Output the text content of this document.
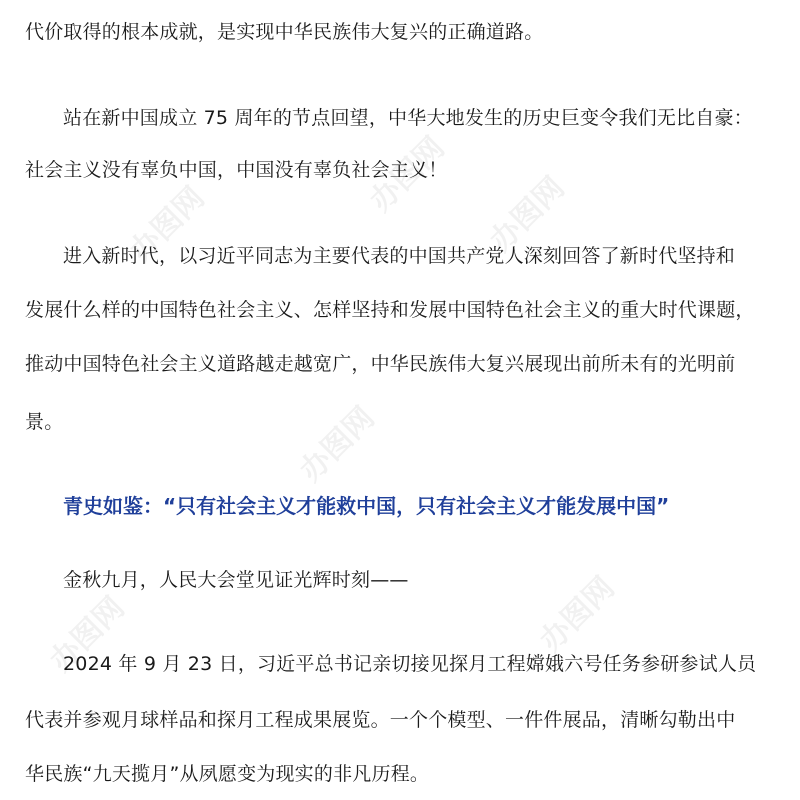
办图网
办图网	办图网
办图网
办图网	办图网
代价取得的根本成就，是实现中华民族伟大复兴的正确道路。
站在新中国成立 75 周年的节点回望，中华大地发生的历史巨变令我们无比自豪：
社会主义没有辜负中国，中国没有辜负社会主义！
进入新时代，以习近平同志为主要代表的中国共产党人深刻回答了新时代坚持和
发展什么样的中国特色社会主义、怎样坚持和发展中国特色社会主义的重大时代课题，
推动中国特色社会主义道路越走越宽广，中华民族伟大复兴展现出前所未有的光明前
景。
青史如鉴：“只有社会主义才能救中国，只有社会主义才能发展中国”
金秋九月，人民大会堂见证光辉时刻——
2024 年 9 月 23 日，习近平总书记亲切接见探月工程嫦娥六号任务参研参试人员
代表并参观月球样品和探月工程成果展览。一个个模型、一件件展品，清晰勾勒出中
华民族“九天揽月”从夙愿变为现实的非凡历程。
